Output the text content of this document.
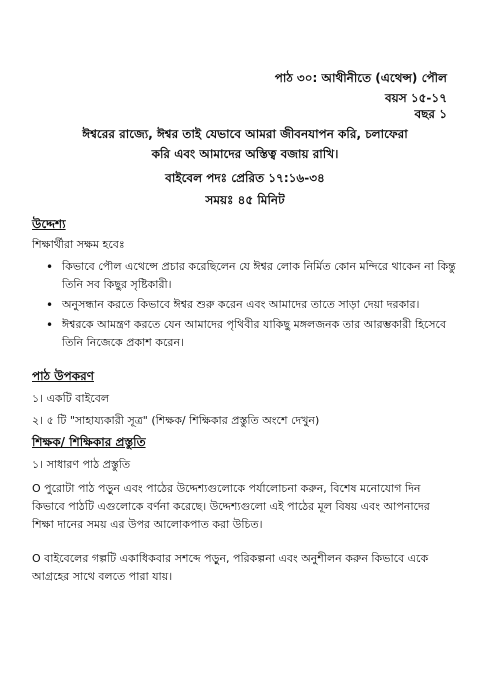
পাঠ ৩০: আথীনীতে (এথেন্স) পৌল
বয়স ১৫-১৭
বছর ১
ঈশ্বরের রাজ্যে, ঈশ্বর তাই যেভাবে আমরা জীবনযাপন করি, চলাফেরা
করি এবং আমাদের অস্তিত্ব বজায় রাখি।
বাইবেল পদঃ প্রেরিত ১৭:১৬-৩৪
সময়ঃ ৪৫ মিনিট
উদ্দেশ্য
শিক্ষার্থীরা সক্ষম হবেঃ
• কিভাবে পৌল এথেন্সে প্রচার করেছিলেন যে ঈশ্বর লোক নির্মিত কোন মন্দিরে থাকেন না কিন্তু তিনি সব কিছুর সৃষ্টিকারী।
• অনুসন্ধান করতে কিভাবে ঈশ্বর শুরু করেন এবং আমাদের তাতে সাড়া দেয়া দরকার।
• ঈশ্বরকে আমন্ত্রণ করতে যেন আমাদের পৃথিবীর যাকিছু মঙ্গলজনক তার আরম্ভকারী হিসেবে তিনি নিজেকে প্রকাশ করেন।
পাঠ উপকরণ
১। একটি বাইবেল
২। ৫ টি "সাহায্যকারী সূত্র" (শিক্ষক/ শিক্ষিকার প্রস্তুতি অংশে দেখুন)
শিক্ষক/ শিক্ষিকার প্রস্তুতি
১। সাধারণ পাঠ প্রস্তুতি
O পুরোটা পাঠ পড়ুন এবং পাঠের উদ্দেশ্যগুলোকে পর্যালোচনা করুন, বিশেষ মনোযোগ দিন কিভাবে পাঠটি এগুলোকে বর্ণনা করেছে। উদ্দেশ্যগুলো এই পাঠের মূল বিষয় এবং আপনাদের শিক্ষা দানের সময় এর উপর আলোকপাত করা উচিত।
O বাইবেলের গল্পটি একাধিকবার সশব্দে পড়ুন, পরিকল্পনা এবং অনুশীলন করুন কিভাবে একে আগ্রহের সাথে বলতে পারা যায়।
